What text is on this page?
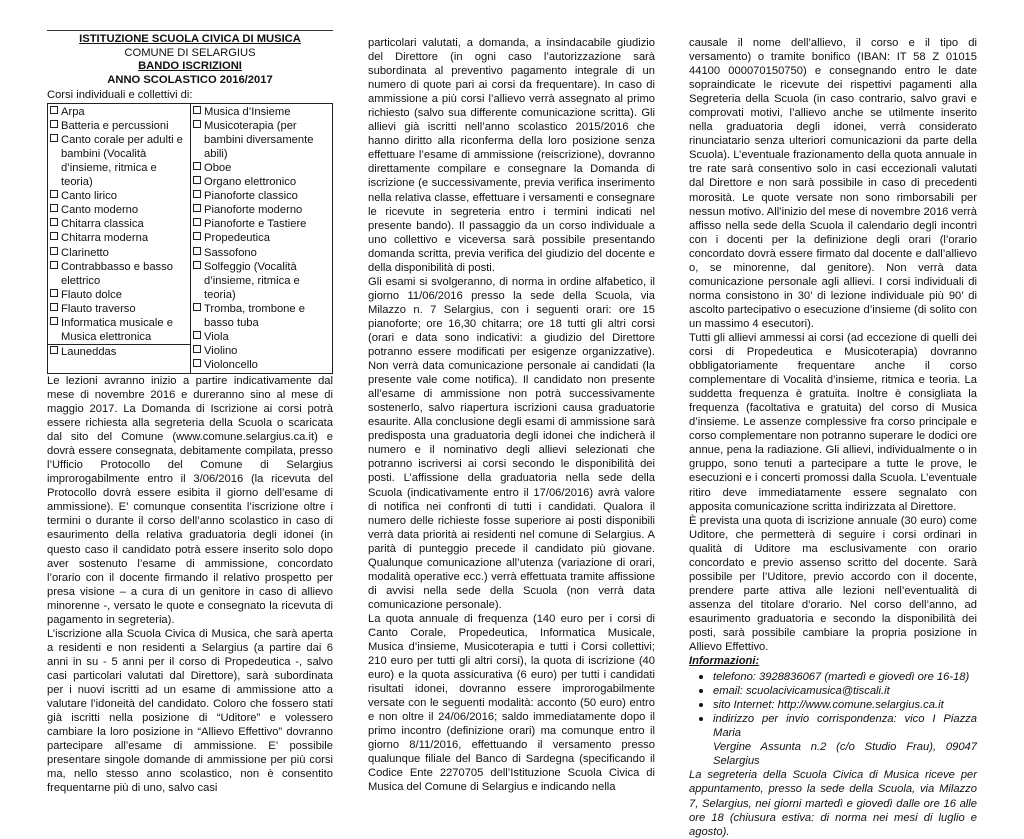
ISTITUZIONE SCUOLA CIVICA DI MUSICA
COMUNE DI SELARGIUS
BANDO ISCRIZIONI
ANNO SCOLASTICO 2016/2017
Corsi individuali e collettivi di:
Arpa
Batteria e percussioni
Canto corale per adulti e bambini (Vocalità d’insieme, ritmica e teoria)
Canto lirico
Canto moderno
Chitarra classica
Chitarra moderna
Clarinetto
Contrabbasso e basso elettrico
Flauto dolce
Flauto traverso
Informatica musicale e Musica elettronica
Launeddas
Musica d’Insieme
Musicoterapia (per bambini diversamente abili)
Oboe
Organo elettronico
Pianoforte classico
Pianoforte moderno
Pianoforte e Tastiere
Propedeutica
Sassofono
Solfeggio (Vocalità d’insieme, ritmica e teoria)
Tromba, trombone e basso tuba
Viola
Violino
Violoncello

Le lezioni avranno inizio a partire indicativamente dal mese di novembre 2016 e dureranno sino al mese di maggio 2017. La Domanda di Iscrizione ai corsi potrà essere richiesta alla segreteria della Scuola o scaricata dal sito del Comune (www.comune.selargius.ca.it) e dovrà essere consegnata, debitamente compilata, presso l’Ufficio Protocollo del Comune di Selargius improrogabilmente entro il 3/06/2016 (la ricevuta del Protocollo dovrà essere esibita il giorno dell’esame di ammissione). E’ comunque consentita l’iscrizione oltre i termini o durante il corso dell’anno scolastico in caso di esaurimento della relativa graduatoria degli idonei (in questo caso il candidato potrà essere inserito solo dopo aver sostenuto l’esame di ammissione, concordato l’orario con il docente firmando il relativo prospetto per presa visione – a cura di un genitore in caso di allievo minorenne -, versato le quote e consegnato la ricevuta di pagamento in segreteria).

L’iscrizione alla Scuola Civica di Musica, che sarà aperta a residenti e non residenti a Selargius (a partire dai 6 anni in su - 5 anni per il corso di Propedeutica -, salvo casi particolari valutati dal Direttore), sarà subordinata per i nuovi iscritti ad un esame di ammissione atto a valutare l’idoneità del candidato. Coloro che fossero stati già iscritti nella posizione di “Uditore” e volessero cambiare la loro posizione in “Allievo Effettivo” dovranno partecipare all’esame di ammissione. E’ possibile presentare singole domande di ammissione per più corsi ma, nello stesso anno scolastico, non è consentito frequentarne più di uno, salvo casi

particolari valutati, a domanda, a insindacabile giudizio del Direttore (in ogni caso l’autorizzazione sarà subordinata al preventivo pagamento integrale di un numero di quote pari ai corsi da frequentare). In caso di ammissione a più corsi l’allievo verrà assegnato al primo richiesto (salvo sua differente comunicazione scritta). Gli allievi già iscritti nell’anno scolastico 2015/2016 che hanno diritto alla riconferma della loro posizione senza effettuare l’esame di ammissione (reiscrizione), dovranno direttamente compilare e consegnare la Domanda di iscrizione (e successivamente, previa verifica inserimento nella relativa classe, effettuare i versamenti e consegnare le ricevute in segreteria entro i termini indicati nel presente bando). Il passaggio da un corso individuale a uno collettivo e viceversa sarà possibile presentando domanda scritta, previa verifica del giudizio del docente e della disponibilità di posti.

Gli esami si svolgeranno, di norma in ordine alfabetico, il giorno 11/06/2016 presso la sede della Scuola, via Milazzo n. 7 Selargius, con i seguenti orari: ore 15 pianoforte; ore 16,30 chitarra; ore 18 tutti gli altri corsi (orari e data sono indicativi: a giudizio del Direttore potranno essere modificati per esigenze organizzative). Non verrà data comunicazione personale ai candidati (la presente vale come notifica). Il candidato non presente all’esame di ammissione non potrà successivamente sostenerlo, salvo riapertura iscrizioni causa graduatorie esaurite. Alla conclusione degli esami di ammissione sarà predisposta una graduatoria degli idonei che indicherà il numero e il nominativo degli allievi selezionati che potranno iscriversi ai corsi secondo le disponibilità dei posti. L’affissione della graduatoria nella sede della Scuola (indicativamente entro il 17/06/2016) avrà valore di notifica nei confronti di tutti i candidati. Qualora il numero delle richieste fosse superiore ai posti disponibili verrà data priorità ai residenti nel comune di Selargius. A parità di punteggio precede il candidato più giovane. Qualunque comunicazione all’utenza (variazione di orari, modalità operative ecc.) verrà effettuata tramite affissione di avvisi nella sede della Scuola (non verrà data comunicazione personale).

La quota annuale di frequenza (140 euro per i corsi di Canto Corale, Propedeutica, Informatica Musicale, Musica d’insieme, Musicoterapia e tutti i Corsi collettivi; 210 euro per tutti gli altri corsi), la quota di iscrizione (40 euro) e la quota assicurativa (6 euro) per tutti i candidati risultati idonei, dovranno essere improrogabilmente versate con le seguenti modalità: acconto (50 euro) entro e non oltre il 24/06/2016; saldo immediatamente dopo il primo incontro (definizione orari) ma comunque entro il giorno 8/11/2016, effettuando il versamento presso qualunque filiale del Banco di Sardegna (specificando il Codice Ente 2270705 dell’Istituzione Scuola Civica di Musica del Comune di Selargius e indicando nella

causale il nome dell’allievo, il corso e il tipo di versamento) o tramite bonifico (IBAN: IT 58 Z 01015 44100 000070150750) e consegnando entro le date sopraindicate le ricevute dei rispettivi pagamenti alla Segreteria della Scuola (in caso contrario, salvo gravi e comprovati motivi, l’allievo anche se utilmente inserito nella graduatoria degli idonei, verrà considerato rinunciatario senza ulteriori comunicazioni da parte della Scuola). L’eventuale frazionamento della quota annuale in tre rate sarà consentivo solo in casi eccezionali valutati dal Direttore e non sarà possibile in caso di precedenti morosità. Le quote versate non sono rimborsabili per nessun motivo. All’inizio del mese di novembre 2016 verrà affisso nella sede della Scuola il calendario degli incontri con i docenti per la definizione degli orari (l’orario concordato dovrà essere firmato dal docente e dall’allievo o, se minorenne, dal genitore). Non verrà data comunicazione personale agli allievi. I corsi individuali di norma consistono in 30’ di lezione individuale più 90’ di ascolto partecipativo o esecuzione d’insieme (di solito con un massimo 4 esecutori).

Tutti gli allievi ammessi ai corsi (ad eccezione di quelli dei corsi di Propedeutica e Musicoterapia) dovranno obbligatoriamente frequentare anche il corso complementare di Vocalità d’insieme, ritmica e teoria. La suddetta frequenza è gratuita. Inoltre è consigliata la frequenza (facoltativa e gratuita) del corso di Musica d’insieme. Le assenze complessive fra corso principale e corso complementare non potranno superare le dodici ore annue, pena la radiazione. Gli allievi, individualmente o in gruppo, sono tenuti a partecipare a tutte le prove, le esecuzioni e i concerti promossi dalla Scuola. L’eventuale ritiro deve immediatamente essere segnalato con apposita comunicazione scritta indirizzata al Direttore.

È prevista una quota di iscrizione annuale (30 euro) come Uditore, che permetterà di seguire i corsi ordinari in qualità di Uditore ma esclusivamente con orario concordato e previo assenso scritto del docente. Sarà possibile per l’Uditore, previo accordo con il docente, prendere parte attiva alle lezioni nell’eventualità di assenza del titolare d’orario. Nel corso dell’anno, ad esaurimento graduatoria e secondo la disponibilità dei posti, sarà possibile cambiare la propria posizione in Allievo Effettivo.

Informazioni:
telefono: 3928836067 (martedì e giovedì ore 16-18)
email: scuolacivicamusica@tiscali.it
sito Internet: http://www.comune.selargius.ca.it
indirizzo per invio corrispondenza: vico I Piazza Maria
Vergine Assunta n.2 (c/o Studio Frau), 09047 Selargius

La segreteria della Scuola Civica di Musica riceve per appuntamento, presso la sede della Scuola, via Milazzo 7, Selargius, nei giorni martedì e giovedì dalle ore 16 alle ore 18 (chiusura estiva: di norma nei mesi di luglio e agosto).
